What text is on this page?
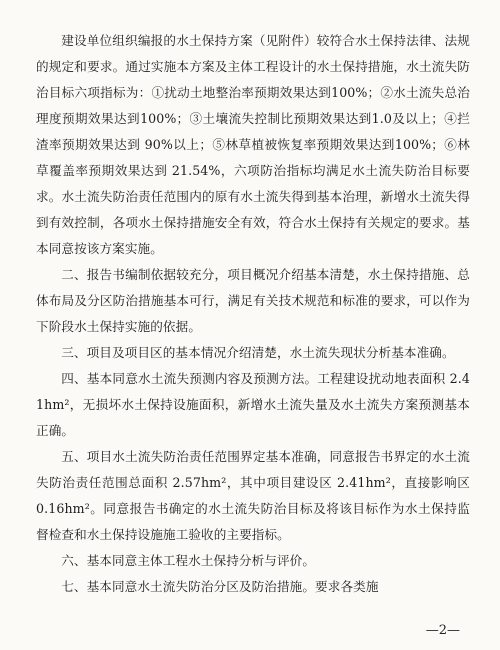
建设单位组织编报的水土保持方案（见附件）较符合水土保持法律、法规的规定和要求。通过实施本方案及主体工程设计的水土保持措施，水土流失防治目标六项指标为：①扰动土地整治率预期效果达到100%；②水土流失总治理度预期效果达到100%；③土壤流失控制比预期效果达到1.0及以上；④拦渣率预期效果达到 90%以上；⑤林草植被恢复率预期效果达到100%；⑥林草覆盖率预期效果达到 21.54%，六项防治指标均满足水土流失防治目标要求。水土流失防治责任范围内的原有水土流失得到基本治理，新增水土流失得到有效控制，各项水土保持措施安全有效，符合水土保持有关规定的要求。基本同意按该方案实施。

二、报告书编制依据较充分，项目概况介绍基本清楚，水土保持措施、总体布局及分区防治措施基本可行，满足有关技术规范和标准的要求，可以作为下阶段水土保持实施的依据。

三、项目及项目区的基本情况介绍清楚，水土流失现状分析基本准确。

四、基本同意水土流失预测内容及预测方法。工程建设扰动地表面积 2.41hm²，无损坏水土保持设施面积，新增水土流失量及水土流失方案预测基本正确。

五、项目水土流失防治责任范围界定基本准确，同意报告书界定的水土流失防治责任范围总面积 2.57hm²，其中项目建设区 2.41hm²，直接影响区 0.16hm²。同意报告书确定的水土流失防治目标及将该目标作为水土保持监督检查和水土保持设施施工验收的主要指标。

六、基本同意主体工程水土保持分析与评价。

七、基本同意水土流失防治分区及防治措施。要求各类施

—2—
